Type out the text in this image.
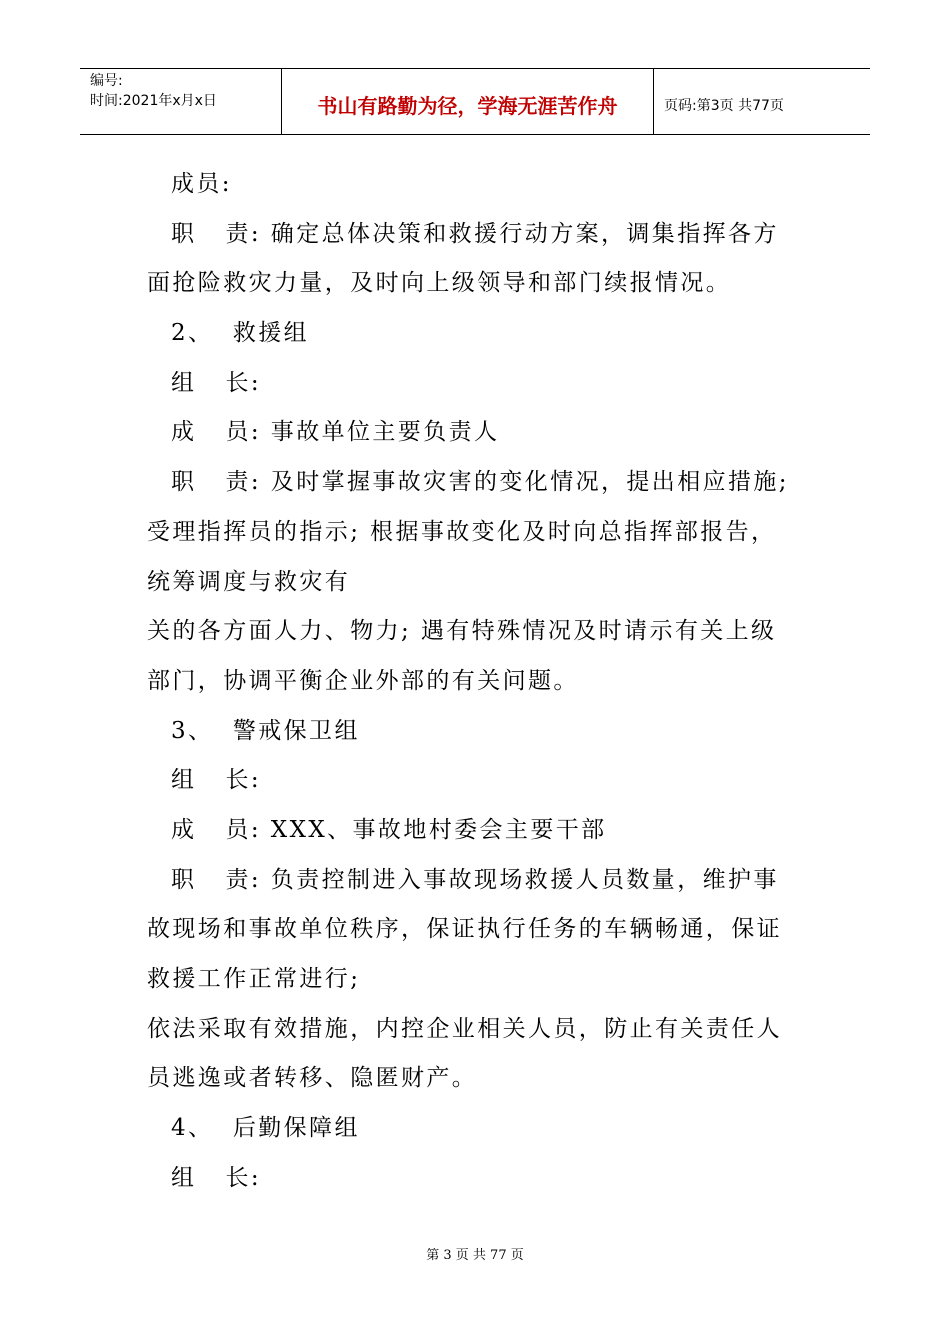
编号:
时间:2021年x月x日	书山有路勤为径，学海无涯苦作舟	页码:第3页 共77页
成员:
职   责: 确定总体决策和救援行动方案，调集指挥各方
面抢险救灾力量，及时向上级领导和部门续报情况。
2、  救援组
组   长:
成   员: 事故单位主要负责人
职   责: 及时掌握事故灾害的变化情况，提出相应措施;
受理指挥员的指示; 根据事故变化及时向总指挥部报告，
统筹调度与救灾有
关的各方面人力、物力; 遇有特殊情况及时请示有关上级
部门，协调平衡企业外部的有关问题。
3、  警戒保卫组
组   长:
成   员: XXX、事故地村委会主要干部
职   责: 负责控制进入事故现场救援人员数量，维护事
故现场和事故单位秩序，保证执行任务的车辆畅通，保证
救援工作正常进行;
依法采取有效措施，内控企业相关人员，防止有关责任人
员逃逸或者转移、隐匿财产。
4、  后勤保障组
组   长:
第 3 页 共 77 页
